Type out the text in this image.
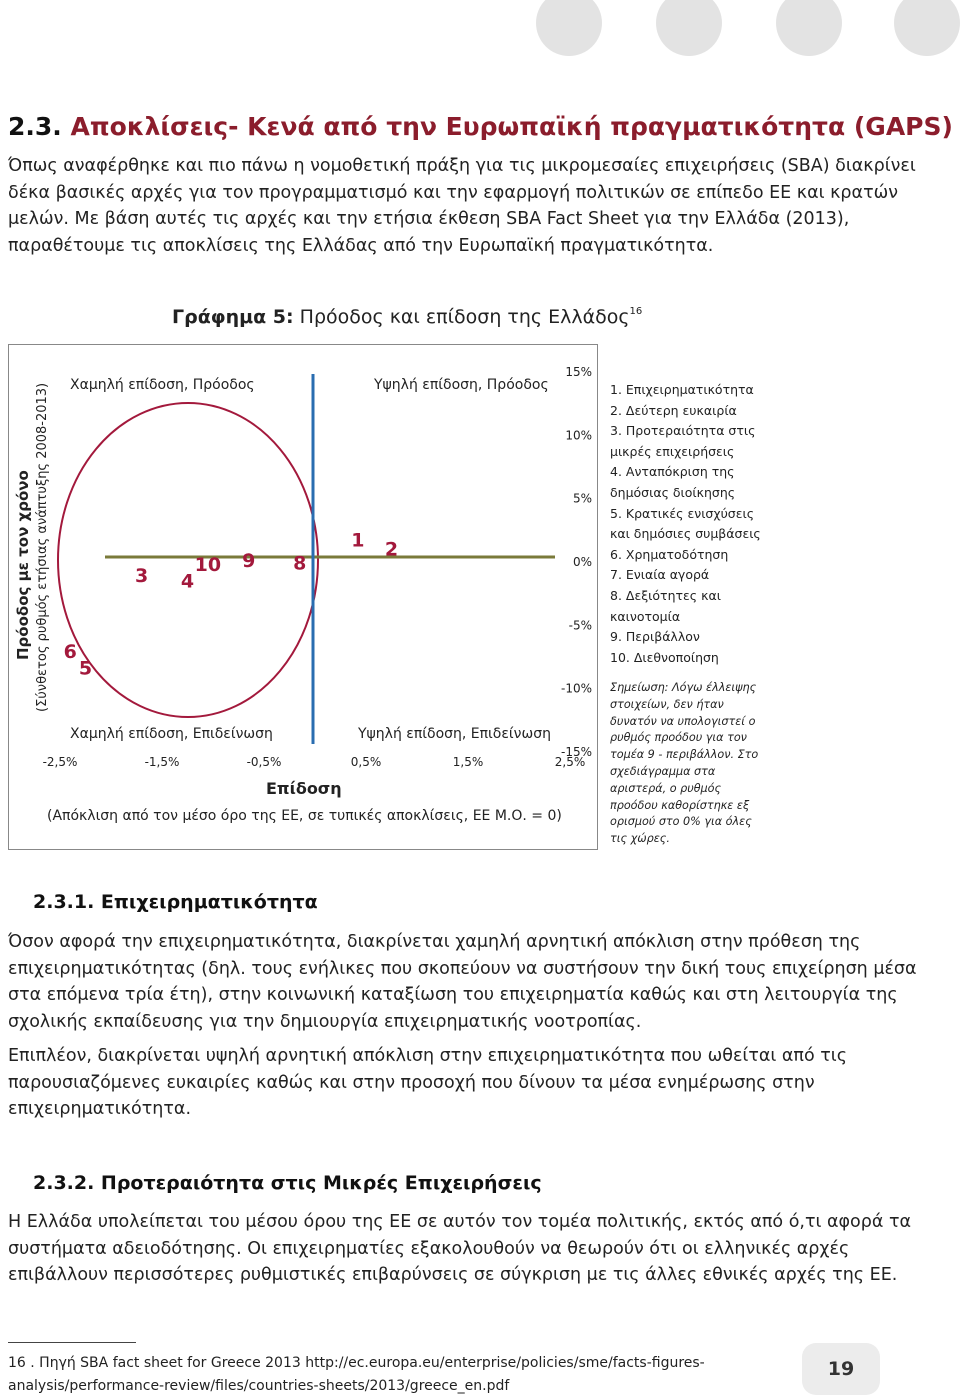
2.3. Αποκλίσεις- Κενά από την Ευρωπαϊκή πραγματικότητα (GAPS)

Όπως αναφέρθηκε και πιο πάνω η νομοθετική πράξη για τις μικρομεσαίες επιχειρήσεις (SBA) διακρίνει δέκα βασικές αρχές για τον προγραμματισμό και την εφαρμογή πολιτικών σε επίπεδο ΕΕ και κρατών μελών. Με βάση αυτές τις αρχές και την ετήσια έκθεση SBA Fact Sheet για την Ελλάδα (2013), παραθέτουμε τις αποκλίσεις της Ελλάδας από την Ευρωπαϊκή πραγματικότητα.

Γράφημα 5: Πρόοδος και επίδοση της Ελλάδος$^{16}$

Χαμηλή επίδοση, Πρόοδος	Υψηλή επίδοση, Πρόοδος
Χαμηλή επίδοση, Επιδείνωση	Υψηλή επίδοση, Επιδείνωση
Επίδοση
(Απόκλιση από τον μέσο όρο της ΕΕ, σε τυπικές αποκλίσεις, ΕΕ Μ.Ο. = 0)
Πρόοδος με τον χρόνο (Σύνθετος ρυθμός ετήσιας ανάπτυξης 2008-2013)
15%
10%
5%
0%
-5%
-10%
-15%
-2,5%	-1,5%	-0,5%	0,5%	1,5%	2,5%
1 2
3 4
5
6
8
9
10
1. Επιχειρηματικότητα
2. Δεύτερη ευκαιρία
3. Προτεραιότητα στις μικρές επιχειρήσεις
4. Ανταπόκριση της δημόσιας διοίκησης
5. Κρατικές ενισχύσεις και δημόσιες συμβάσεις
6. Χρηματοδότηση
7. Ενιαία αγορά
8. Δεξιότητες και καινοτομία
9. Περιβάλλον
10. Διεθνοποίηση

Σημείωση: Λόγω έλλειψης στοιχείων, δεν ήταν δυνατόν να υπολογιστεί ο ρυθμός προόδου για τον τομέα 9 - περιβάλλον. Στο σχεδιάγραμμα στα αριστερά, ο ρυθμός προόδου καθορίστηκε εξ ορισμού στο 0% για όλες τις χώρες.

2.3.1. Επιχειρηματικότητα

Όσον αφορά την επιχειρηματικότητα, διακρίνεται χαμηλή αρνητική απόκλιση στην πρόθεση της επιχειρηματικότητας (δηλ. τους ενήλικες που σκοπεύουν να συστήσουν την δική τους επιχείρηση μέσα στα επόμενα τρία έτη), στην κοινωνική καταξίωση του επιχειρηματία καθώς και στη λειτουργία της σχολικής εκπαίδευσης για την δημιουργία επιχειρηματικής νοοτροπίας.

Επιπλέον, διακρίνεται υψηλή αρνητική απόκλιση στην επιχειρηματικότητα που ωθείται από τις παρουσιαζόμενες ευκαιρίες καθώς και στην προσοχή που δίνουν τα μέσα ενημέρωσης στην επιχειρηματικότητα.

2.3.2. Προτεραιότητα στις Μικρές Επιχειρήσεις

Η Ελλάδα υπολείπεται του μέσου όρου της ΕΕ σε αυτόν τον τομέα πολιτικής, εκτός από ό,τι αφορά τα συστήματα αδειοδότησης. Οι επιχειρηματίες εξακολουθούν να θεωρούν ότι οι ελληνικές αρχές επιβάλλουν περισσότερες ρυθμιστικές επιβαρύνσεις σε σύγκριση με τις άλλες εθνικές αρχές της ΕΕ.

16 . Πηγή SBA fact sheet for Greece 2013 http://ec.europa.eu/enterprise/policies/sme/facts-figures-analysis/performance-review/files/countries-sheets/2013/greece_en.pdf

19
